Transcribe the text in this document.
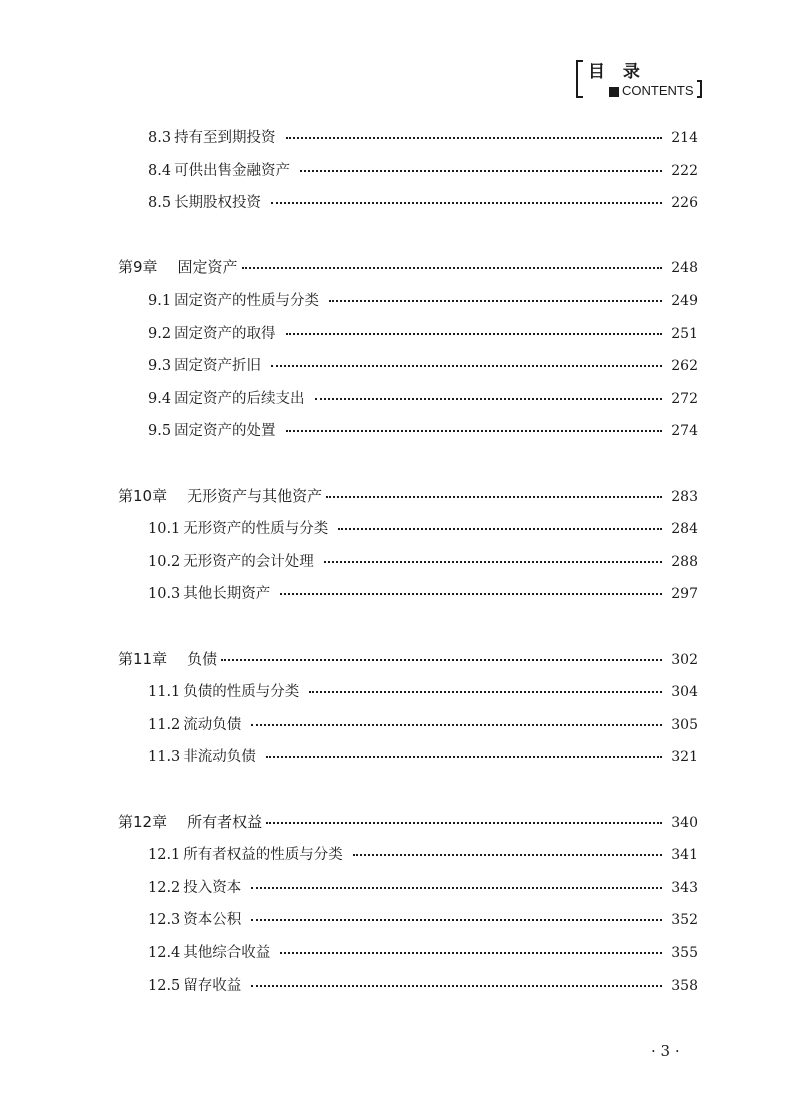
目 录
CONTENTS
8.3 持有至到期投资	214
8.4 可供出售金融资产	222
8.5 长期股权投资	226
第9章 固定资产	248
9.1 固定资产的性质与分类	249
9.2 固定资产的取得	251
9.3 固定资产折旧	262
9.4 固定资产的后续支出	272
9.5 固定资产的处置	274
第10章 无形资产与其他资产	283
10.1 无形资产的性质与分类	284
10.2 无形资产的会计处理	288
10.3 其他长期资产	297
第11章 负债	302
11.1 负债的性质与分类	304
11.2 流动负债	305
11.3 非流动负债	321
第12章 所有者权益	340
12.1 所有者权益的性质与分类	341
12.2 投入资本	343
12.3 资本公积	352
12.4 其他综合收益	355
12.5 留存收益	358
· 3 ·
